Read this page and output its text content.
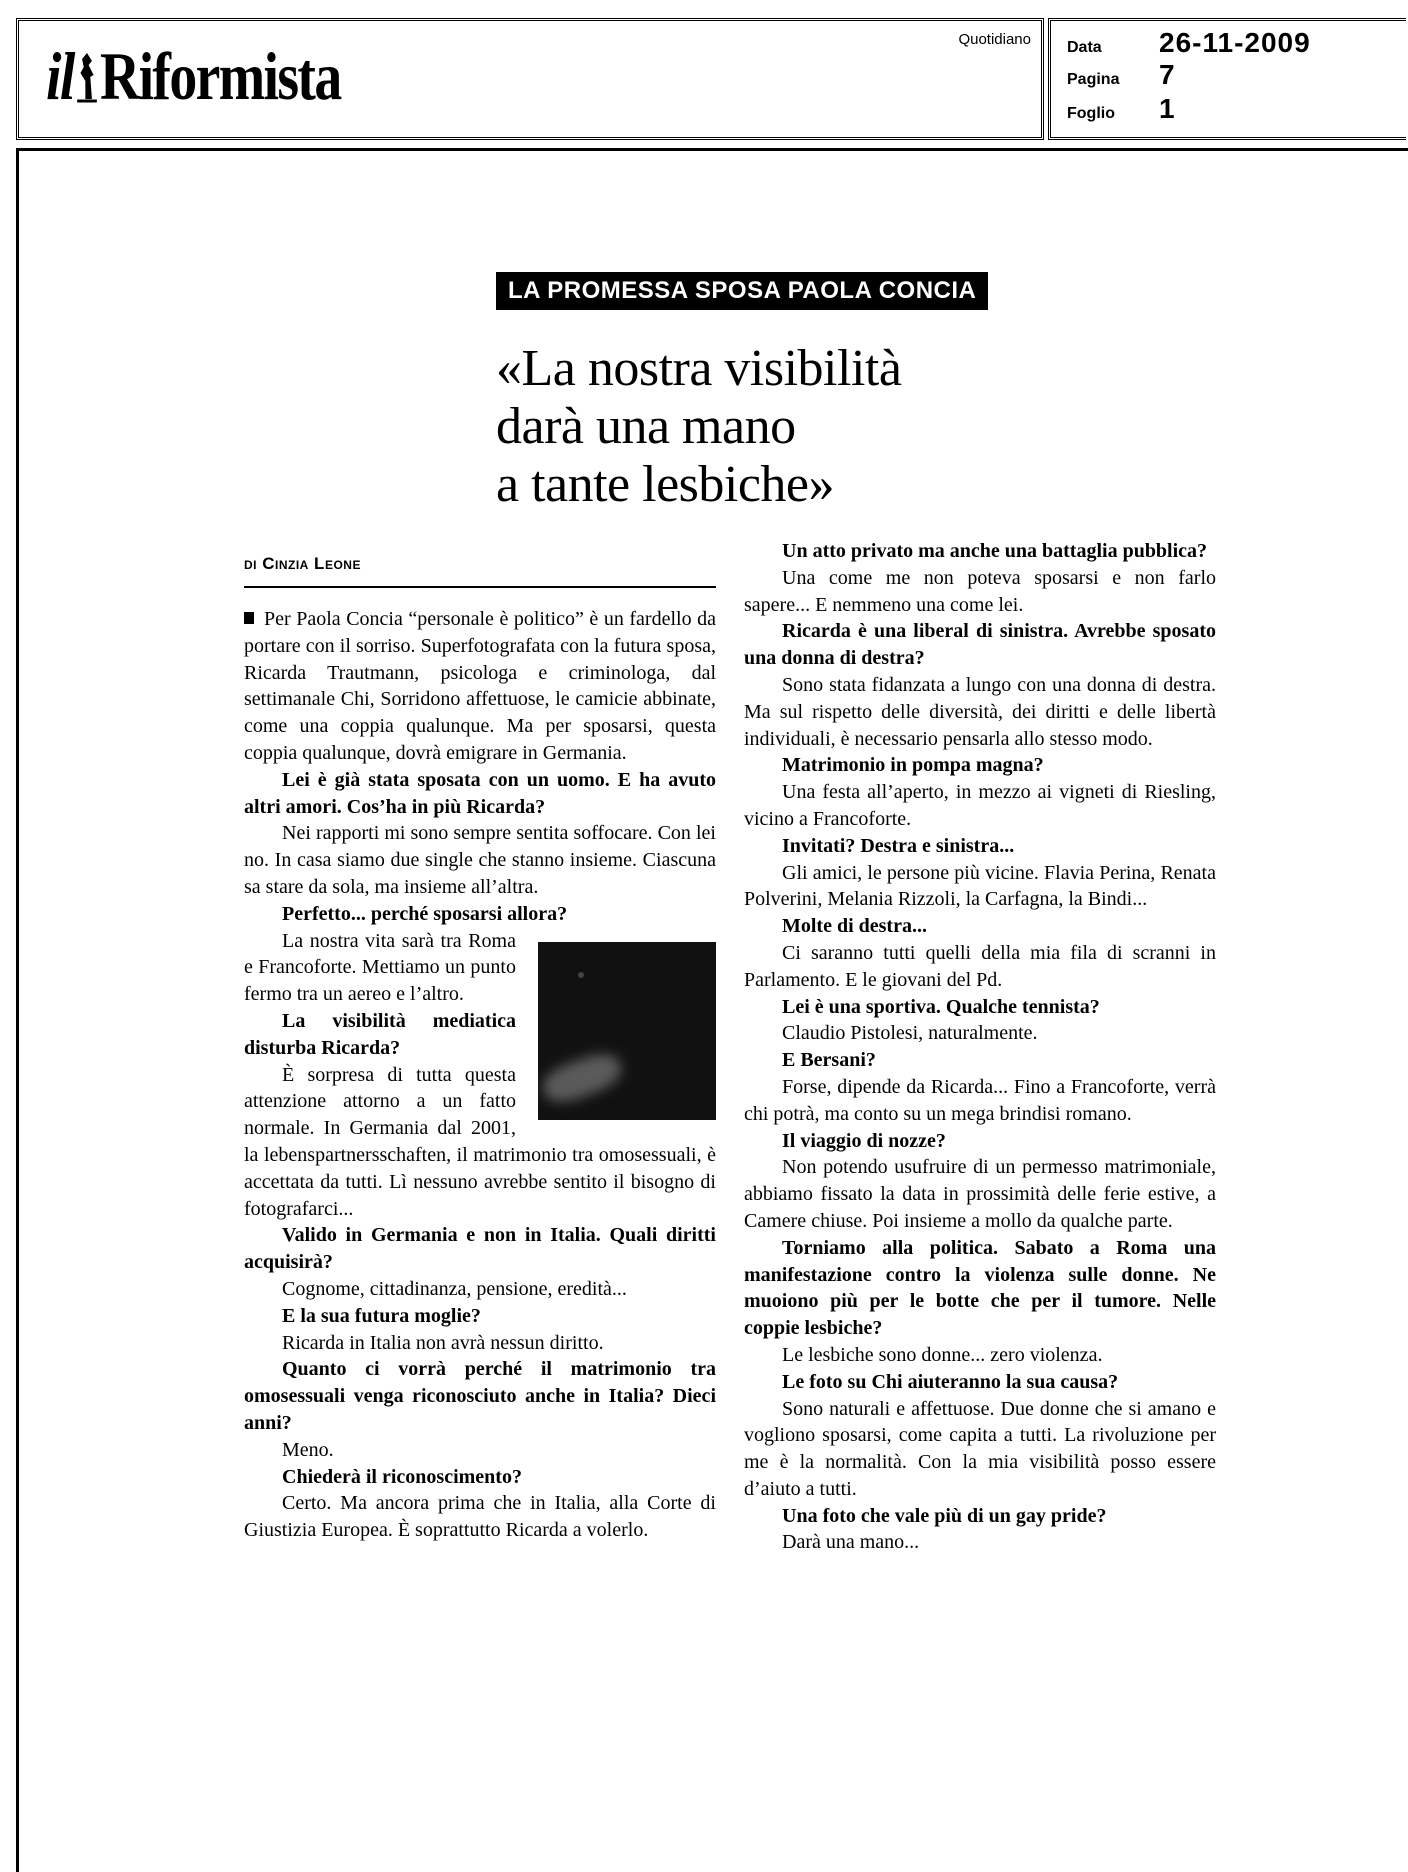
Quotidiano
il Riformista	Data 26-11-2009
Pagina 7
Foglio 1
LA PROMESSA SPOSA PAOLA CONCIA
«La nostra visibilità
darà una mano
a tante lesbiche»
di Cinzia Leone

Per Paola Concia “personale è politico” è un fardello da portare con il sorriso. Superfotografata con la futura sposa, Ricarda Trautmann, psicologa e criminologa, dal settimanale Chi, Sorridono affettuose, le camicie abbinate, come una coppia qualunque. Ma per sposarsi, questa coppia qualunque, dovrà emigrare in Germania.

Lei è già stata sposata con un uomo. E ha avuto altri amori. Cos’ha in più Ricarda?

Nei rapporti mi sono sempre sentita soffocare. Con lei no. In casa siamo due single che stanno insieme. Ciascuna sa stare da sola, ma insieme all’altra.

Perfetto... perché sposarsi allora?

La nostra vita sarà tra Roma e Francoforte. Mettiamo un punto fermo tra un aereo e l’altro.

La visibilità mediatica disturba Ricarda?

È sorpresa di tutta questa attenzione attorno a un fatto normale. In Germania dal 2001, la lebenspartnersschaften, il matrimonio tra omosessuali, è accettata da tutti. Lì nessuno avrebbe sentito il bisogno di fotografarci...

Valido in Germania e non in Italia. Quali diritti acquisirà?

Cognome, cittadinanza, pensione, eredità...

E la sua futura moglie?

Ricarda in Italia non avrà nessun diritto.

Quanto ci vorrà perché il matrimonio tra omosessuali venga riconosciuto anche in Italia? Dieci anni?

Meno.

Chiederà il riconoscimento?

Certo. Ma ancora prima che in Italia, alla Corte di Giustizia Europea. È soprattutto Ricarda a volerlo.

Un atto privato ma anche una battaglia pubblica?

Una come me non poteva sposarsi e non farlo sapere... E nemmeno una come lei.

Ricarda è una liberal di sinistra. Avrebbe sposato una donna di destra?

Sono stata fidanzata a lungo con una donna di destra. Ma sul rispetto delle diversità, dei diritti e delle libertà individuali, è necessario pensarla allo stesso modo.

Matrimonio in pompa magna?

Una festa all’aperto, in mezzo ai vigneti di Riesling, vicino a Francoforte.

Invitati? Destra e sinistra...

Gli amici, le persone più vicine. Flavia Perina, Renata Polverini, Melania Rizzoli, la Carfagna, la Bindi...

Molte di destra...

Ci saranno tutti quelli della mia fila di scranni in Parlamento. E le giovani del Pd.

Lei è una sportiva. Qualche tennista?

Claudio Pistolesi, naturalmente.

E Bersani?

Forse, dipende da Ricarda... Fino a Francoforte, verrà chi potrà, ma conto su un mega brindisi romano.

Il viaggio di nozze?

Non potendo usufruire di un permesso matrimoniale, abbiamo fissato la data in prossimità delle ferie estive, a Camere chiuse. Poi insieme a mollo da qualche parte.

Torniamo alla politica. Sabato a Roma una manifestazione contro la violenza sulle donne. Ne muoiono più per le botte che per il tumore. Nelle coppie lesbiche?

Le lesbiche sono donne... zero violenza.

Le foto su Chi aiuteranno la sua causa?

Sono naturali e affettuose. Due donne che si amano e vogliono sposarsi, come capita a tutti. La rivoluzione per me è la normalità. Con la mia visibilità posso essere d’aiuto a tutti.

Una foto che vale più di un gay pride?

Darà una mano...
